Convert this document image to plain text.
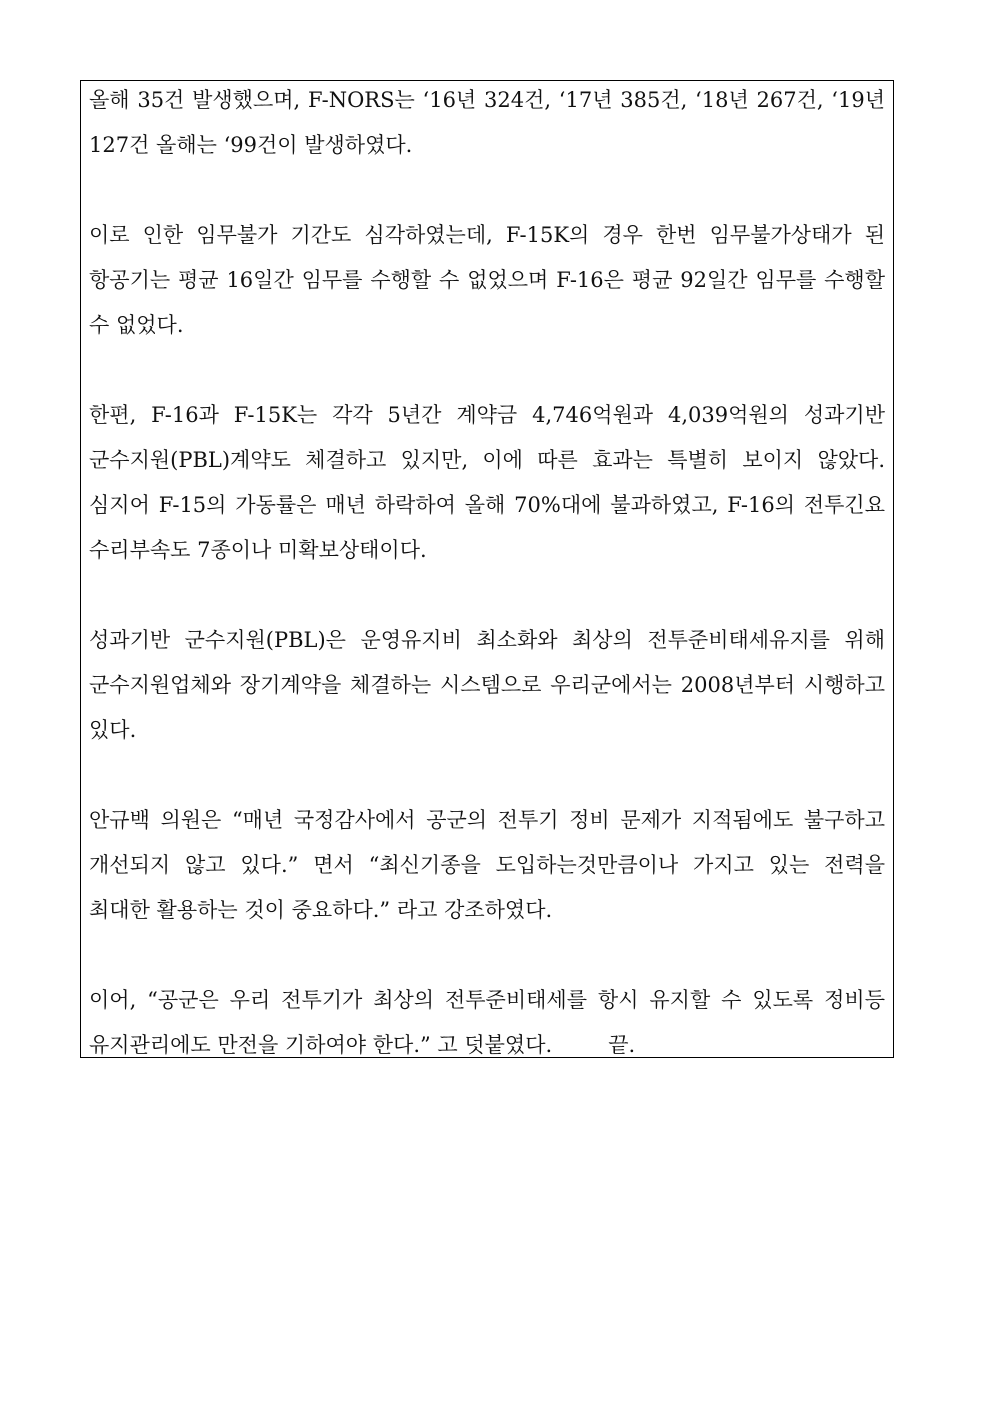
올해 35건 발생했으며, F-NORS는 ‘16년 324건, ‘17년 385건, ‘18년 267건, ‘19년 127건 올해는 ‘99건이 발생하였다.

이로 인한 임무불가 기간도 심각하였는데, F-15K의 경우 한번 임무불가상태가 된 항공기는 평균 16일간 임무를 수행할 수 없었으며 F-16은 평균 92일간 임무를 수행할 수 없었다.

한편, F-16과 F-15K는 각각 5년간 계약금 4,746억원과 4,039억원의 성과기반 군수지원(PBL)계약도 체결하고 있지만, 이에 따른 효과는 특별히 보이지 않았다. 심지어 F-15의 가동률은 매년 하락하여 올해 70%대에 불과하였고, F-16의 전투긴요 수리부속도 7종이나 미확보상태이다.

성과기반 군수지원(PBL)은 운영유지비 최소화와 최상의 전투준비태세유지를 위해 군수지원업체와 장기계약을 체결하는 시스템으로 우리군에서는 2008년부터 시행하고 있다.

안규백 의원은 “매년 국정감사에서 공군의 전투기 정비 문제가 지적됨에도 불구하고 개선되지 않고 있다.” 면서 “최신기종을 도입하는것만큼이나 가지고 있는 전력을 최대한 활용하는 것이 중요하다.” 라고 강조하였다.

이어, “공군은 우리 전투기가 최상의 전투준비태세를 항시 유지할 수 있도록 정비등 유지관리에도 만전을 기하여야 한다.” 고 덧붙였다.	끝.
